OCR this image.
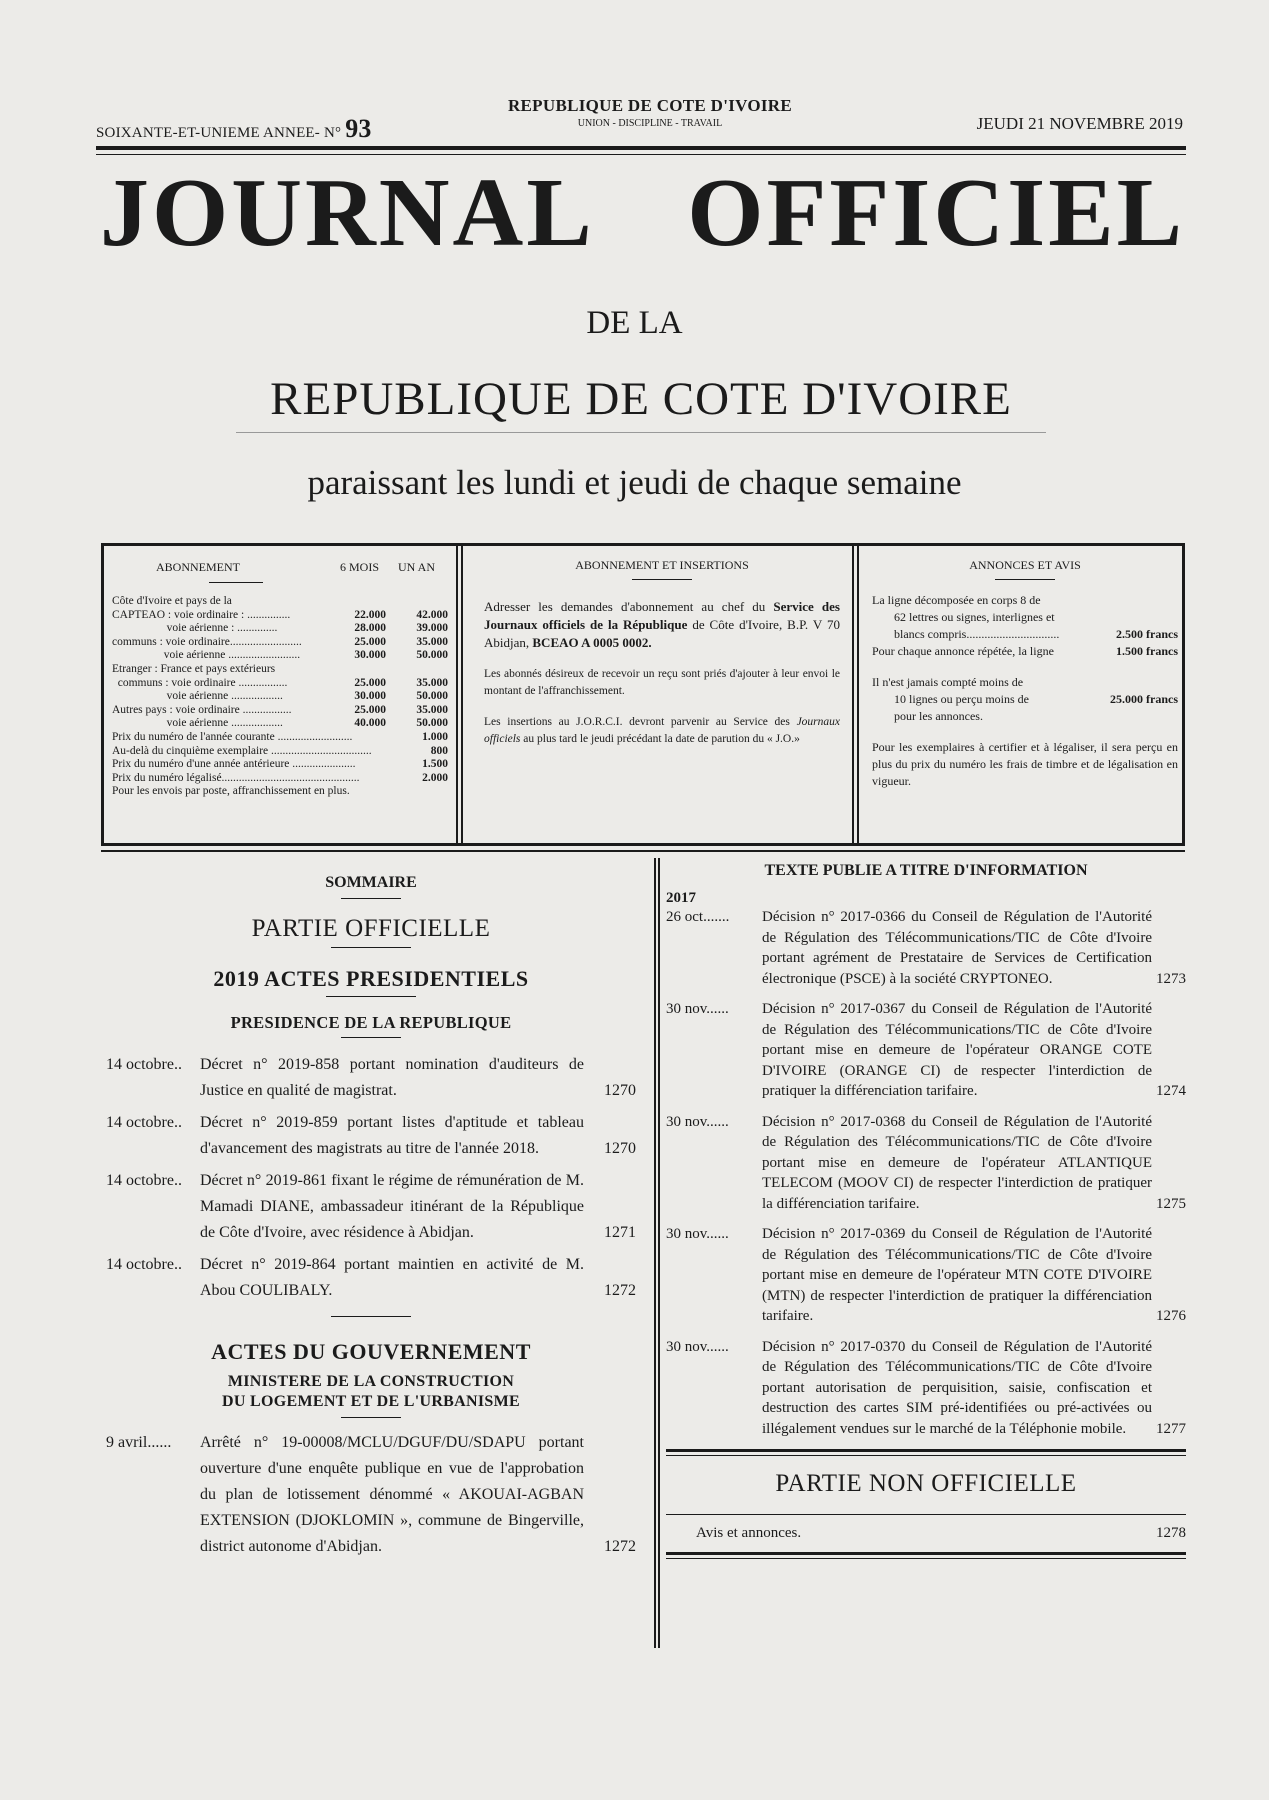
SOIXANTE-ET-UNIEME ANNEE- N° 93
REPUBLIQUE DE COTE D'IVOIRE
UNION - DISCIPLINE - TRAVAIL	JEUDI 21 NOVEMBRE 2019
JOURNAL OFFICIEL
DE LA
REPUBLIQUE DE COTE D'IVOIRE
paraissant les lundi et jeudi de chaque semaine
ABONNEMENT	6 MOIS	UN AN
Côte d'Ivoire et pays de la
CAPTEAO : voie ordinaire : ...............	22.000	42.000
voie aérienne : ..............	28.000	39.000
communs : voie ordinaire.........................	25.000	35.000
voie aérienne .........................	30.000	50.000
Etranger : France et pays extérieurs
communs : voie ordinaire .................	25.000	35.000
voie aérienne ..................	30.000	50.000
Autres pays : voie ordinaire .................	25.000	35.000
voie aérienne ..................	40.000	50.000
Prix du numéro de l'année courante ..........................	1.000
Au-delà du cinquième exemplaire ...................................	800
Prix du numéro d'une année antérieure ......................	1.500
Prix du numéro légalisé................................................	2.000
Pour les envois par poste, affranchissement en plus.
ABONNEMENT ET INSERTIONS

Adresser les demandes d'abonnement au chef du Service des Journaux officiels de la République de Côte d'Ivoire, B.P. V 70 Abidjan, BCEAO A 0005 0002.

Les abonnés désireux de recevoir un reçu sont priés d'ajouter à leur envoi le montant de l'affranchissement.

Les insertions au J.O.R.C.I. devront parvenir au Service des Journaux officiels au plus tard le jeudi précédant la date de parution du « J.O.»

ANNONCES ET AVIS
La ligne décomposée en corps 8 de
62 lettres ou signes, interlignes et
blancs compris...............................	2.500 francs
Pour chaque annonce répétée, la ligne	1.500 francs
Il n'est jamais compté moins de
10 lignes ou perçu moins de	25.000 francs
pour les annonces.
Pour les exemplaires à certifier et à légaliser, il sera perçu en plus du prix du numéro les frais de timbre et de légalisation en vigueur.
SOMMAIRE
PARTIE OFFICIELLE
2019 ACTES PRESIDENTIELS
PRESIDENCE DE LA REPUBLIQUE
14 octobre..	Décret n° 2019-858 portant nomination d'auditeurs de Justice en qualité de magistrat.	1270
14 octobre..	Décret n° 2019-859 portant listes d'aptitude et tableau d'avancement des magistrats au titre de l'année 2018.	1270
14 octobre..	Décret n° 2019-861 fixant le régime de rémunération de M. Mamadi DIANE, ambassadeur itinérant de la République de Côte d'Ivoire, avec résidence à Abidjan.	1271
14 octobre..	Décret n° 2019-864 portant maintien en activité de M. Abou COULIBALY.	1272
ACTES DU GOUVERNEMENT
MINISTERE DE LA CONSTRUCTION
DU LOGEMENT ET DE L'URBANISME
9 avril......	Arrêté n° 19-00008/MCLU/DGUF/DU/SDAPU portant ouverture d'une enquête publique en vue de l'approbation du plan de lotissement dénommé « AKOUAI-AGBAN EXTENSION (DJOKLOMIN », commune de Bingerville, district autonome d'Abidjan.	1272
TEXTE PUBLIE A TITRE D'INFORMATION
2017
26 oct.......	Décision n° 2017-0366 du Conseil de Régulation de l'Autorité de Régulation des Télécommunications/TIC de Côte d'Ivoire portant agrément de Prestataire de Services de Certification électronique (PSCE) à la société CRYPTONEO.	1273
30 nov......	Décision n° 2017-0367 du Conseil de Régulation de l'Autorité de Régulation des Télécommunications/TIC de Côte d'Ivoire portant mise en demeure de l'opérateur ORANGE COTE D'IVOIRE (ORANGE CI) de respecter l'interdiction de pratiquer la différenciation tarifaire.	1274
30 nov......	Décision n° 2017-0368 du Conseil de Régulation de l'Autorité de Régulation des Télécommunications/TIC de Côte d'Ivoire portant mise en demeure de l'opérateur ATLANTIQUE TELECOM (MOOV CI) de respecter l'interdiction de pratiquer la différenciation tarifaire.	1275
30 nov......	Décision n° 2017-0369 du Conseil de Régulation de l'Autorité de Régulation des Télécommunications/TIC de Côte d'Ivoire portant mise en demeure de l'opérateur MTN COTE D'IVOIRE (MTN) de respecter l'interdiction de pratiquer la différenciation tarifaire.	1276
30 nov......	Décision n° 2017-0370 du Conseil de Régulation de l'Autorité de Régulation des Télécommunications/TIC de Côte d'Ivoire portant autorisation de perquisition, saisie, confiscation et destruction des cartes SIM pré-identifiées ou pré-activées ou illégalement vendues sur le marché de la Téléphonie mobile.	1277
PARTIE NON OFFICIELLE
Avis et annonces.	1278
